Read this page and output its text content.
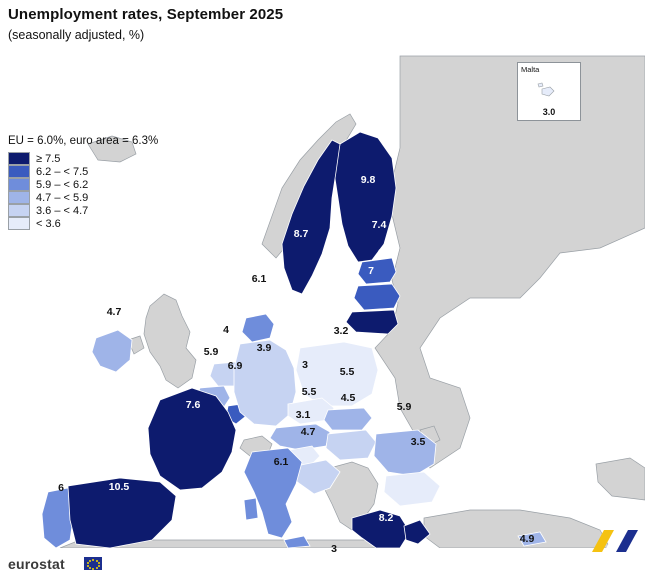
Unemployment rates, September 2025
(seasonally adjusted, %)
EU = 6.0%, euro area = 6.3%
≥ 7.5
6.2 – < 7.5
5.9 – < 6.2
4.7 – < 5.9
3.6 – < 4.7
< 3.6
Malta
3.0
9.8
8.7
7.4
6.4
7
6.1
4.7
4	3.2
3.9
5.9
6.9	3
5.5
5.5 4.5
5.9
7.6
3.1
4.7
3.5
6.1
6	10.5
8.2
4.9
3
eurostat
